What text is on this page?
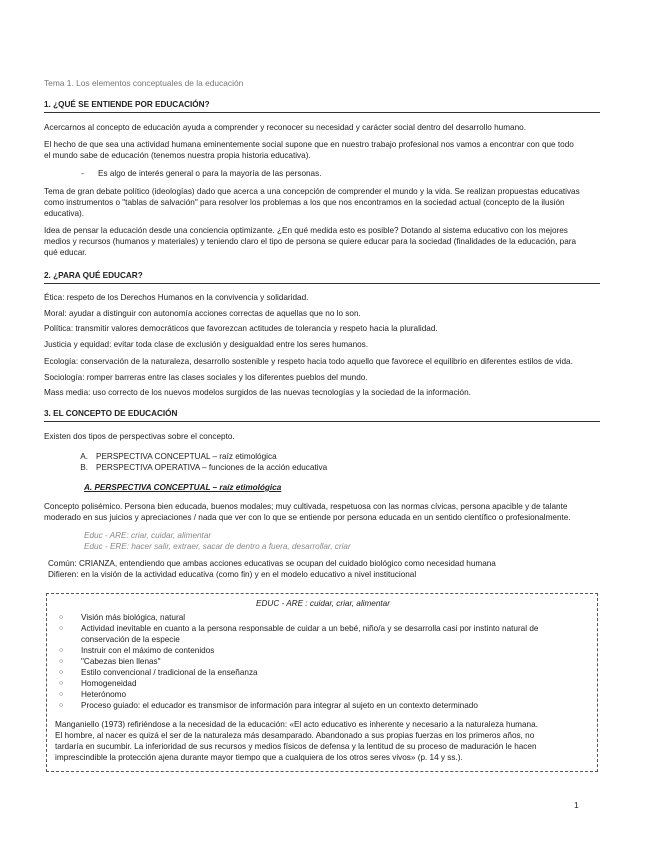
Tema 1. Los elementos conceptuales de la educación
1. ¿QUÉ SE ENTIENDE POR EDUCACIÓN?

Acercarnos al concepto de educación ayuda a comprender y reconocer su necesidad y carácter social dentro del desarrollo humano.

El hecho de que sea una actividad humana eminentemente social supone que en nuestro trabajo profesional nos vamos a encontrar con que todo

el mundo sabe de educación (tenemos nuestra propia historia educativa).

-	Es algo de interés general o para la mayoría de las personas.

Tema de gran debate político (ideologías) dado que acerca a una concepción de comprender el mundo y la vida. Se realizan propuestas educativas

como instrumentos o "tablas de salvación" para resolver los problemas a los que nos encontramos en la sociedad actual (concepto de la ilusión

educativa).

Idea de pensar la educación desde una conciencia optimizante. ¿En qué medida esto es posible? Dotando al sistema educativo con los mejores

medios y recursos (humanos y materiales) y teniendo claro el tipo de persona se quiere educar para la sociedad (finalidades de la educación, para

qué educar.

2. ¿PARA QUÉ EDUCAR?

Ética: respeto de los Derechos Humanos en la convivencia y solidaridad.

Moral: ayudar a distinguir con autonomía acciones correctas de aquellas que no lo son.

Política: transmitir valores democráticos que favorezcan actitudes de tolerancia y respeto hacia la pluralidad.

Justicia y equidad: evitar toda clase de exclusión y desigualdad entre los seres humanos.

Ecología: conservación de la naturaleza, desarrollo sostenible y respeto hacia todo aquello que favorece el equilibrio en diferentes estilos de vida.

Sociología: romper barreras entre las clases sociales y los diferentes pueblos del mundo.

Mass media: uso correcto de los nuevos modelos surgidos de las nuevas tecnologías y la sociedad de la información.

3. EL CONCEPTO DE EDUCACIÓN

Existen dos tipos de perspectivas sobre el concepto.

A. PERSPECTIVA CONCEPTUAL – raíz etimológica
B. PERSPECTIVA OPERATIVA – funciones de la acción educativa
A. PERSPECTIVA CONCEPTUAL – raíz etimológica

Concepto polisémico. Persona bien educada, buenos modales; muy cultivada, respetuosa con las normas cívicas, persona apacible y de talante

moderado en sus juicios y apreciaciones / nada que ver con lo que se entiende por persona educada en un sentido científico o profesionalmente.

Educ - ARE: criar, cuidar, alimentar

Educ - ERE: hacer salir, extraer, sacar de dentro a fuera, desarrollar, criar

Común: CRIANZA, entendiendo que ambas acciones educativas se ocupan del cuidado biológico como necesidad humana

Difieren: en la visión de la actividad educativa (como fin) y en el modelo educativo a nivel institucional

EDUC - ARE : cuidar, criar, alimentar
○	Visión más biológica, natural
○	Actividad inevitable en cuanto a la persona responsable de cuidar a un bebé, niño/a y se desarrolla casi por instinto natural de
conservación de la especie
○	Instruir con el máximo de contenidos
○	"Cabezas bien llenas"
○	Estilo convencional / tradicional de la enseñanza
○	Homogeneidad
○	Heterónomo
○	Proceso guiado: el educador es transmisor de información para integrar al sujeto en un contexto determinado
Manganiello (1973) refiriéndose a la necesidad de la educación: «El acto educativo es inherente y necesario a la naturaleza humana.
El hombre, al nacer es quizá el ser de la naturaleza más desamparado. Abandonado a sus propias fuerzas en los primeros años, no
tardaría en sucumbir. La inferioridad de sus recursos y medios físicos de defensa y la lentitud de su proceso de maduración le hacen
imprescindible la protección ajena durante mayor tiempo que a cualquiera de los otros seres vivos» (p. 14 y ss.).
1
